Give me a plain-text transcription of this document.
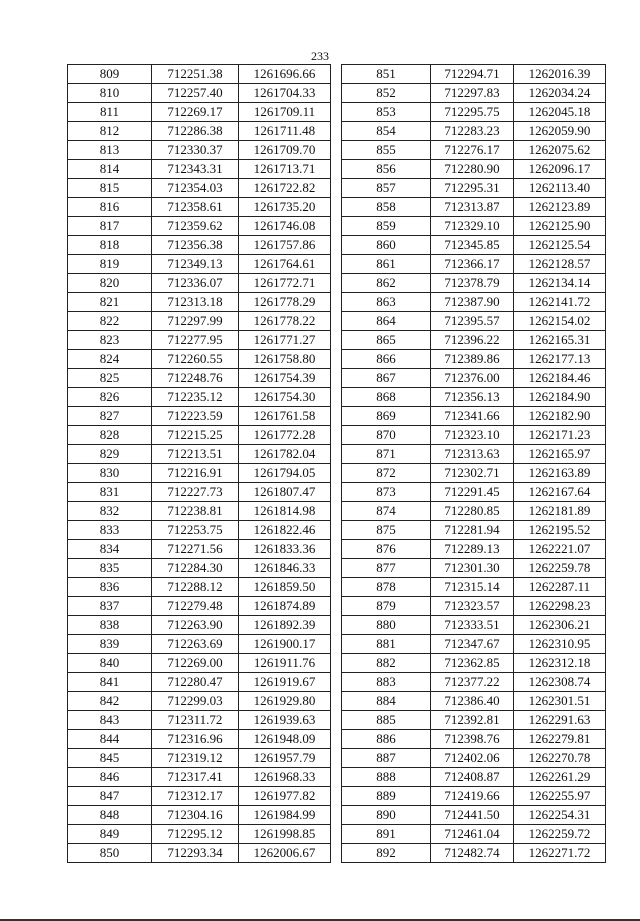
233
809	712251.38	1261696.66
810	712257.40	1261704.33
811	712269.17	1261709.11
812	712286.38	1261711.48
813	712330.37	1261709.70
814	712343.31	1261713.71
815	712354.03	1261722.82
816	712358.61	1261735.20
817	712359.62	1261746.08
818	712356.38	1261757.86
819	712349.13	1261764.61
820	712336.07	1261772.71
821	712313.18	1261778.29
822	712297.99	1261778.22
823	712277.95	1261771.27
824	712260.55	1261758.80
825	712248.76	1261754.39
826	712235.12	1261754.30
827	712223.59	1261761.58
828	712215.25	1261772.28
829	712213.51	1261782.04
830	712216.91	1261794.05
831	712227.73	1261807.47
832	712238.81	1261814.98
833	712253.75	1261822.46
834	712271.56	1261833.36
835	712284.30	1261846.33
836	712288.12	1261859.50
837	712279.48	1261874.89
838	712263.90	1261892.39
839	712263.69	1261900.17
840	712269.00	1261911.76
841	712280.47	1261919.67
842	712299.03	1261929.80
843	712311.72	1261939.63
844	712316.96	1261948.09
845	712319.12	1261957.79
846	712317.41	1261968.33
847	712312.17	1261977.82
848	712304.16	1261984.99
849	712295.12	1261998.85
850	712293.34	1262006.67
851	712294.71	1262016.39
852	712297.83	1262034.24
853	712295.75	1262045.18
854	712283.23	1262059.90
855	712276.17	1262075.62
856	712280.90	1262096.17
857	712295.31	1262113.40
858	712313.87	1262123.89
859	712329.10	1262125.90
860	712345.85	1262125.54
861	712366.17	1262128.57
862	712378.79	1262134.14
863	712387.90	1262141.72
864	712395.57	1262154.02
865	712396.22	1262165.31
866	712389.86	1262177.13
867	712376.00	1262184.46
868	712356.13	1262184.90
869	712341.66	1262182.90
870	712323.10	1262171.23
871	712313.63	1262165.97
872	712302.71	1262163.89
873	712291.45	1262167.64
874	712280.85	1262181.89
875	712281.94	1262195.52
876	712289.13	1262221.07
877	712301.30	1262259.78
878	712315.14	1262287.11
879	712323.57	1262298.23
880	712333.51	1262306.21
881	712347.67	1262310.95
882	712362.85	1262312.18
883	712377.22	1262308.74
884	712386.40	1262301.51
885	712392.81	1262291.63
886	712398.76	1262279.81
887	712402.06	1262270.78
888	712408.87	1262261.29
889	712419.66	1262255.97
890	712441.50	1262254.31
891	712461.04	1262259.72
892	712482.74	1262271.72
